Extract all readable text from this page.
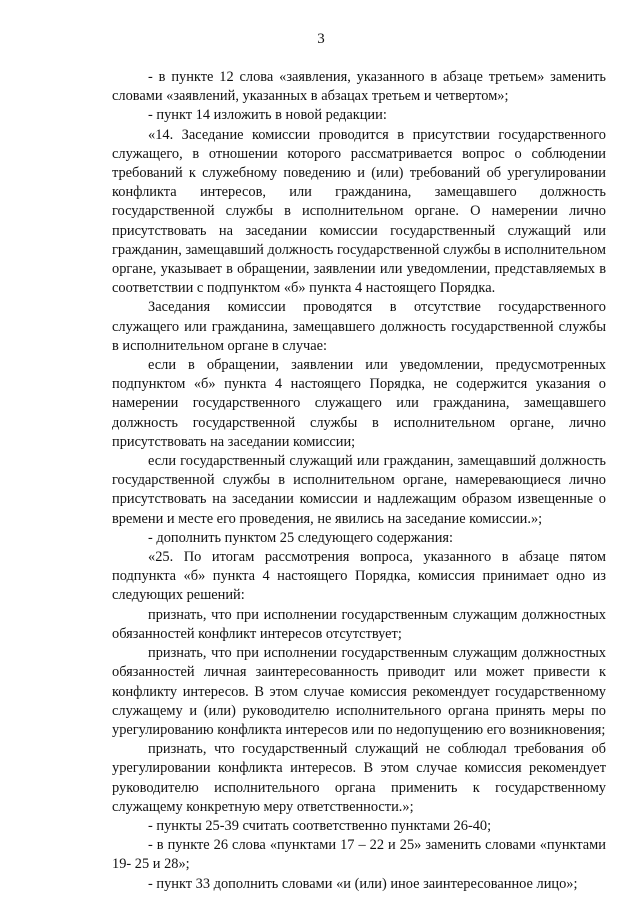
3

- в пункте 12 слова «заявления, указанного в абзаце третьем» заменить словами «заявлений, указанных в абзацах третьем и четвертом»;

- пункт 14 изложить в новой редакции:

«14. Заседание комиссии проводится в присутствии государственного служащего, в отношении которого рассматривается вопрос о соблюдении требований к служебному поведению и (или) требований об урегулировании конфликта интересов, или гражданина, замещавшего должность государственной службы в исполнительном органе. О намерении лично присутствовать на заседании комиссии государственный служащий или гражданин, замещавший должность государственной службы в исполнительном органе, указывает в обращении, заявлении или уведомлении, представляемых в соответствии с подпунктом «б» пункта 4 настоящего Порядка.

Заседания комиссии проводятся в отсутствие государственного служащего или гражданина, замещавшего должность государственной службы в исполнительном органе в случае:

если в обращении, заявлении или уведомлении, предусмотренных подпунктом «б» пункта 4 настоящего Порядка, не содержится указания о намерении государственного служащего или гражданина, замещавшего должность государственной службы в исполнительном органе, лично присутствовать на заседании комиссии;

если государственный служащий или гражданин, замещавший должность государственной службы в исполнительном органе, намеревающиеся лично присутствовать на заседании комиссии и надлежащим образом извещенные о времени и месте его проведения, не явились на заседание комиссии.»;

- дополнить пунктом 25 следующего содержания:

«25. По итогам рассмотрения вопроса, указанного в абзаце пятом подпункта «б» пункта 4 настоящего Порядка, комиссия принимает одно из следующих решений:

признать, что при исполнении государственным служащим должностных обязанностей конфликт интересов отсутствует;

признать, что при исполнении государственным служащим должностных обязанностей личная заинтересованность приводит или может привести к конфликту интересов. В этом случае комиссия рекомендует государственному служащему и (или) руководителю исполнительного органа принять меры по урегулированию конфликта интересов или по недопущению его возникновения;

признать, что государственный служащий не соблюдал требования об урегулировании конфликта интересов. В этом случае комиссия рекомендует руководителю исполнительного органа применить к государственному служащему конкретную меру ответственности.»;

- пункты 25-39 считать соответственно пунктами 26-40;

- в пункте 26 слова «пунктами 17 – 22 и 25» заменить словами «пунктами 19- 25 и 28»;

- пункт 33 дополнить словами «и (или) иное заинтересованное лицо»;
